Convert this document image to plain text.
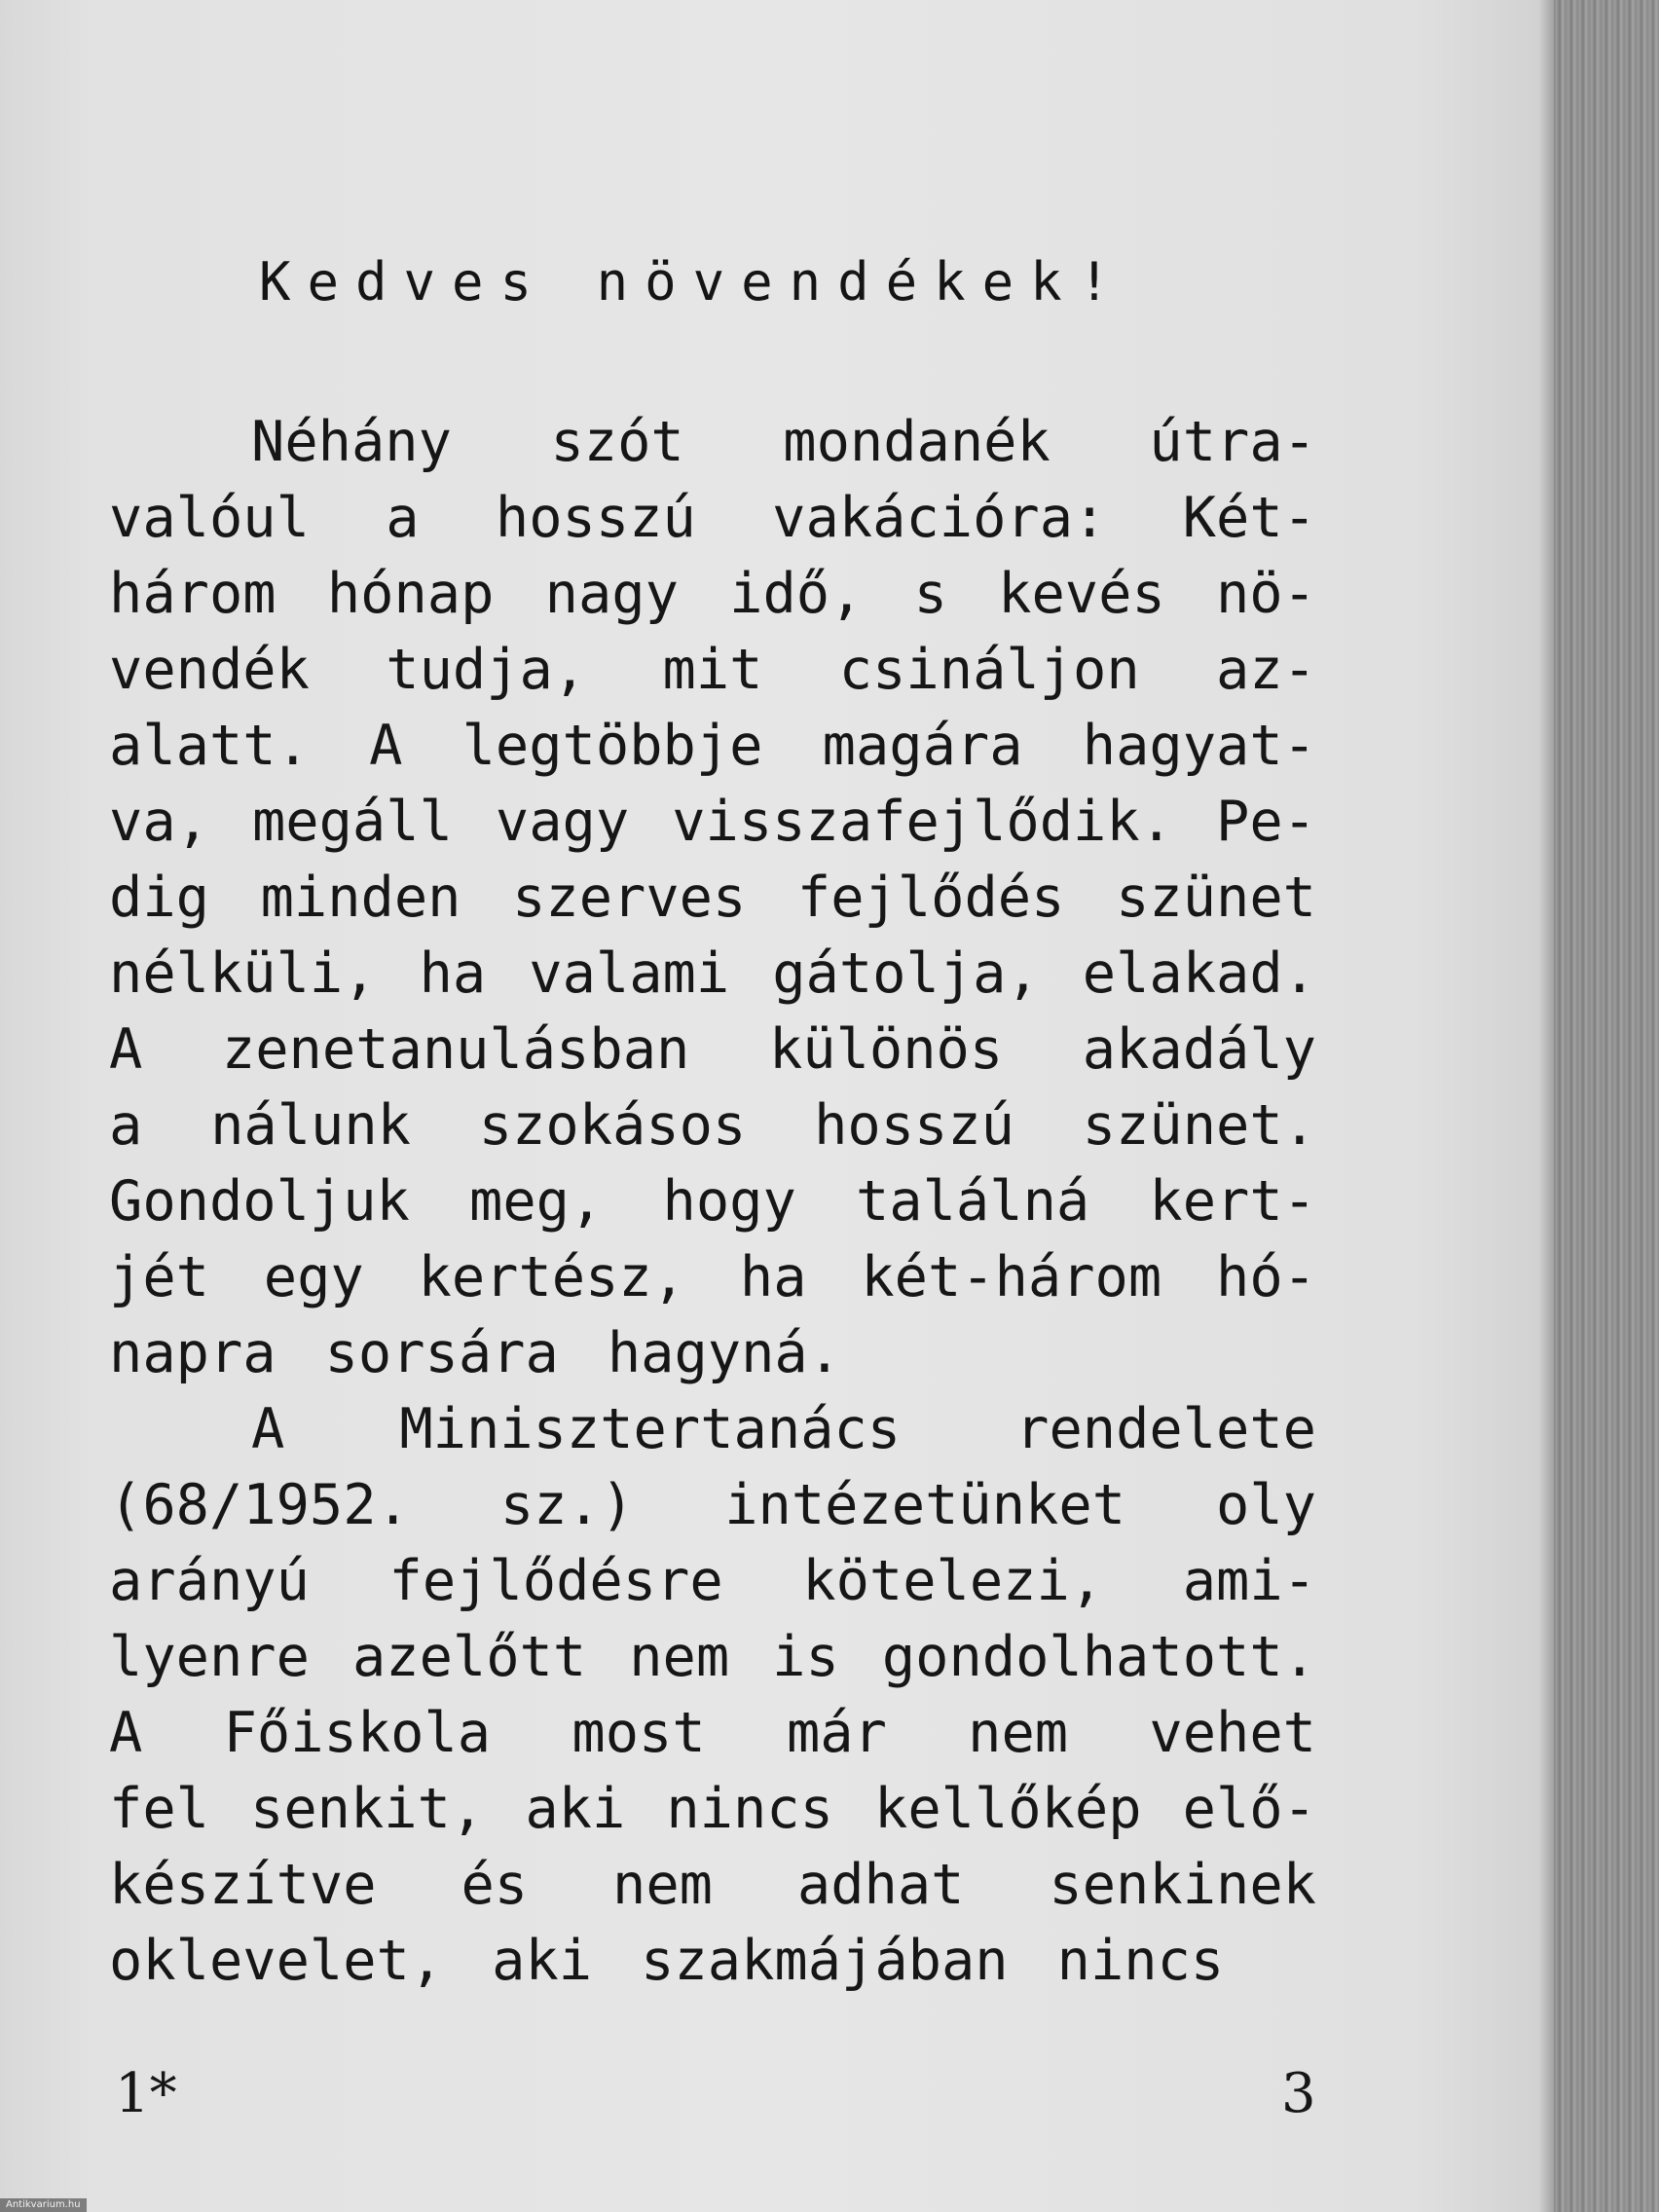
Kedves növendékek!
Néhány szót mondanék útra-
valóul a hosszú vakációra: Két-
három hónap nagy idő, s kevés nö-
vendék tudja, mit csináljon az-
alatt. A legtöbbje magára hagyat-
va, megáll vagy visszafejlődik. Pe-
dig minden szerves fejlődés szünet
nélküli, ha valami gátolja, elakad.
A zenetanulásban különös akadály
a nálunk szokásos hosszú szünet.
Gondoljuk meg, hogy találná kert-
jét egy kertész, ha két-három hó-
napra sorsára hagyná.
A Minisztertanács rendelete
(68/1952. sz.) intézetünket oly
arányú fejlődésre kötelezi, ami-
lyenre azelőtt nem is gondolhatott.
A Főiskola most már nem vehet
fel senkit, aki nincs kellőkép elő-
készítve és nem adhat senkinek
oklevelet, aki szakmájában nincs
1*	3
Antikvarium.hu
